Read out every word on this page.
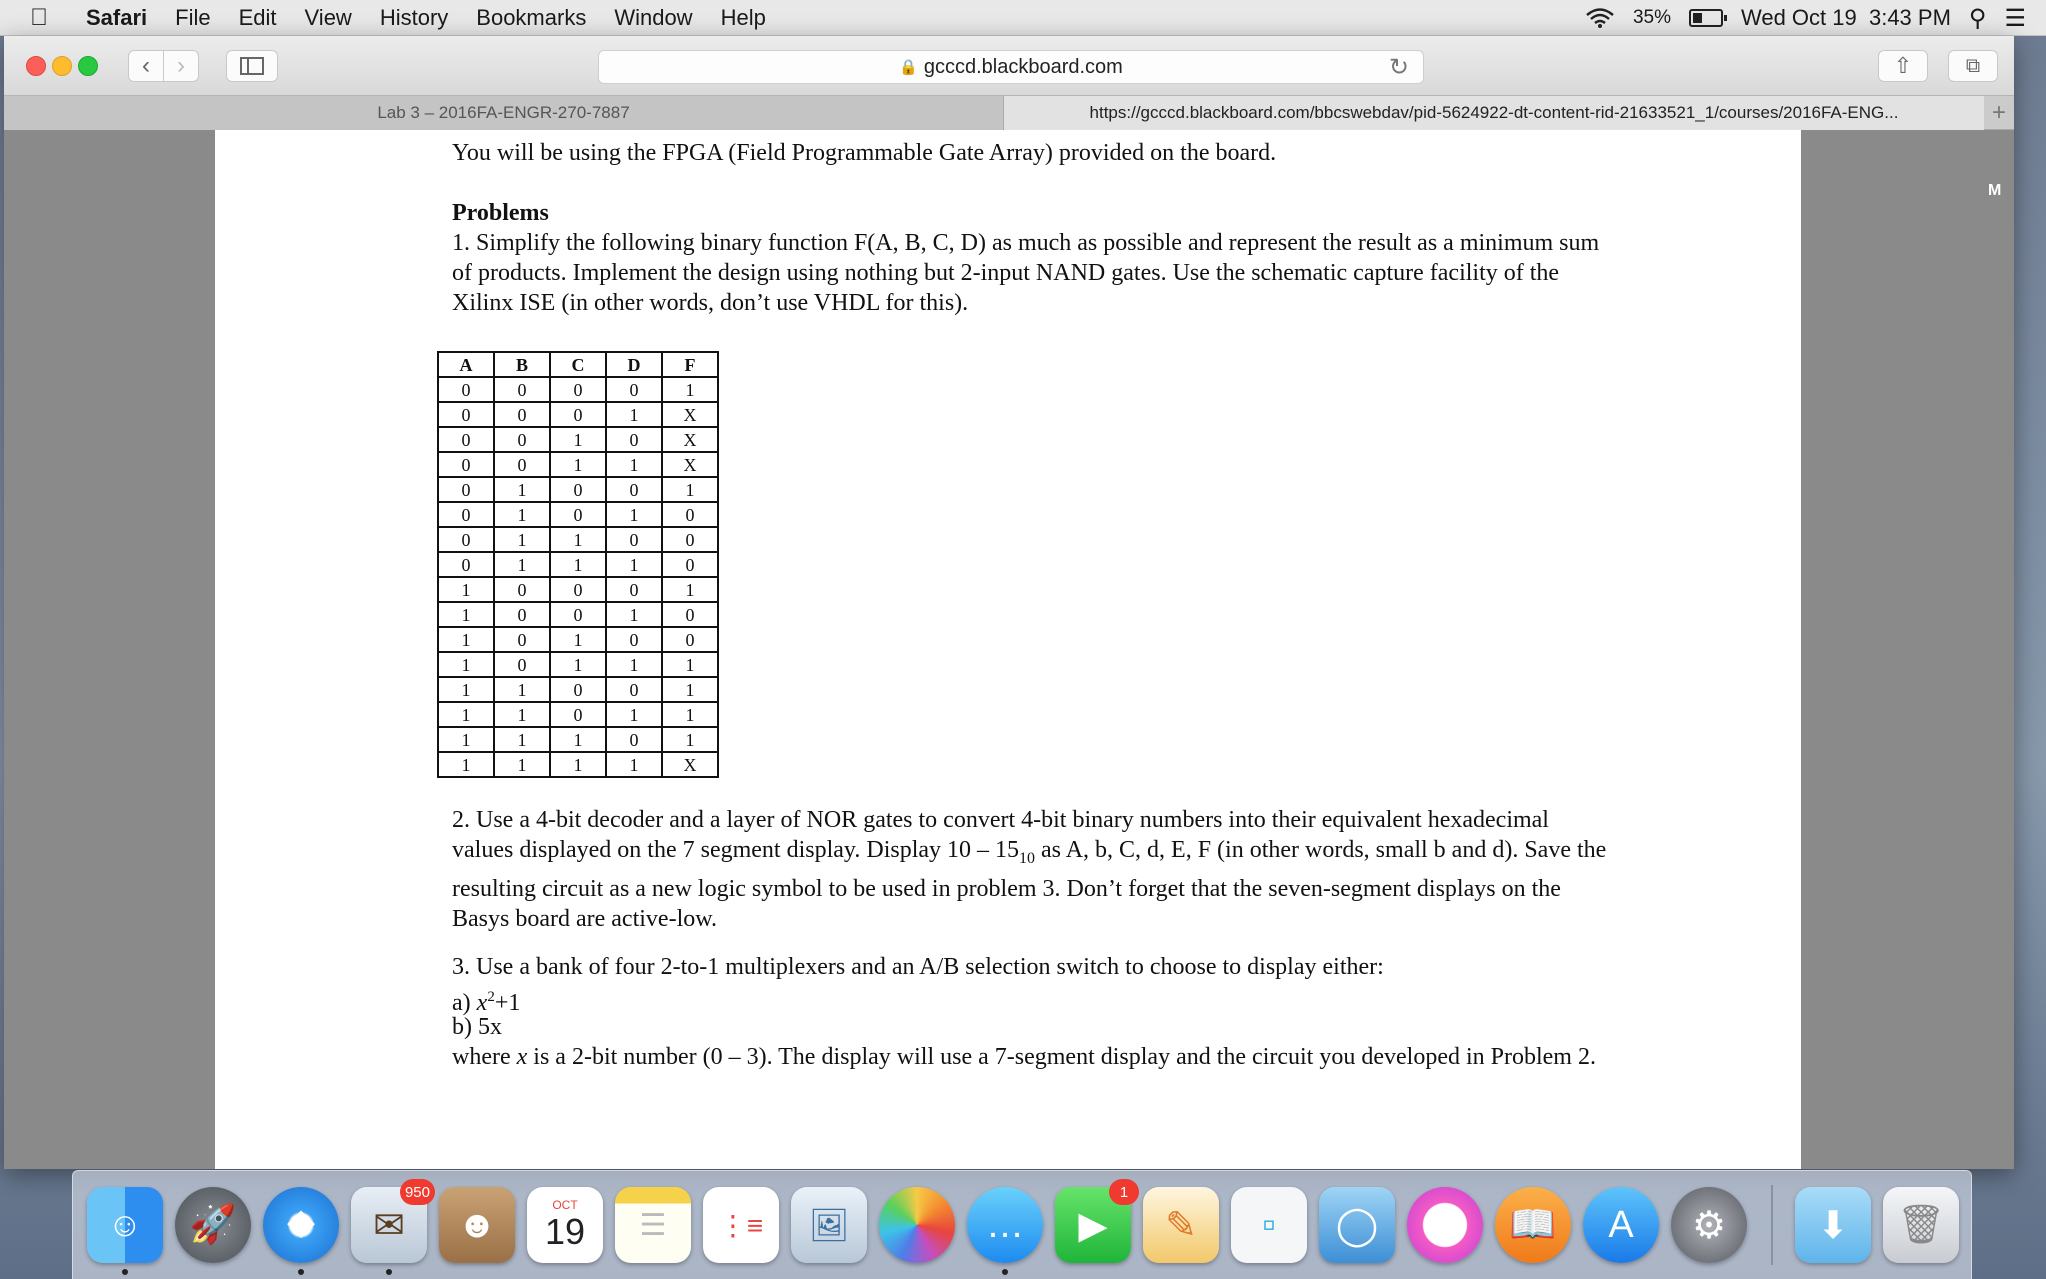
Safari File Edit View History Bookmarks Window Help	35%	Wed Oct 19  3:43 PM ⚲ ☰
‹ ›	🔒 gcccd.blackboard.com	↻	⇧	⧉
Lab 3 – 2016FA-ENGR-270-7887	https://gcccd.blackboard.com/bbcswebdav/pid-5624922-dt-content-rid-21633521_1/courses/2016FA-ENG...	+
M

You will be using the FPGA (Field Programmable Gate Array) provided on the board.

Problems

1. Simplify the following binary function F(A, B, C, D) as much as possible and represent the result as a minimum sum of products. Implement the design using nothing but 2-input NAND gates. Use the schematic capture facility of the Xilinx ISE (in other words, don’t use VHDL for this).

A	B	C	D	F
0	0	0	0	1
0	0	0	1	X
0	0	1	0	X
0	0	1	1	X
0	1	0	0	1
0	1	0	1	0
0	1	1	0	0
0	1	1	1	0
1	0	0	0	1
1	0	0	1	0
1	0	1	0	0
1	0	1	1	1
1	1	0	0	1
1	1	0	1	1
1	1	1	0	1
1	1	1	1	X

2. Use a 4-bit decoder and a layer of NOR gates to convert 4-bit binary numbers into their equivalent hexadecimal values displayed on the 7 segment display. Display $10 - 15_{10}$ as A, b, C, d, E, F (in other words, small b and d). Save the resulting circuit as a new logic symbol to be used in problem 3. Don’t forget that the seven-segment displays on the Basys board are active-low.

3. Use a bank of four 2-to-1 multiplexers and an A/B selection switch to choose to display either:

a) $x^2+1$

b) 5x

where x is a 2-bit number (0 – 3). The display will use a 7-segment display and the circuit you developed in Problem 2.

☺	🚀	❖	✉
950
☻	OCT
19	☰	⋮≡	🖼	…	▶
1
✎	▫	◯	♫	📖	A	⚙	⬇	🗑
